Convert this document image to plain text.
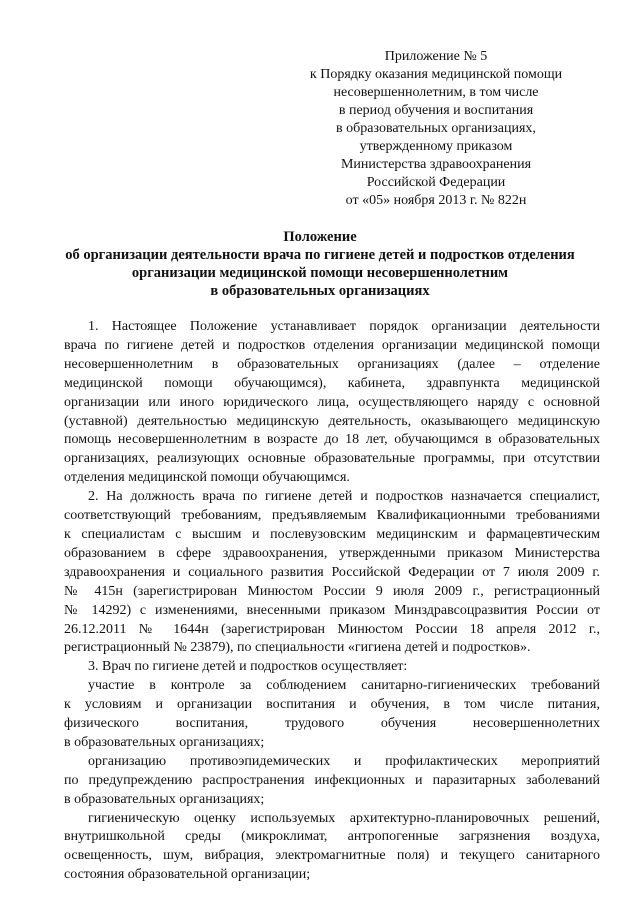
Приложение № 5
к Порядку оказания медицинской помощи
несовершеннолетним, в том числе
в период обучения и воспитания
в образовательных организациях,
утвержденному приказом
Министерства здравоохранения
Российской Федерации
от «05» ноября 2013 г. № 822н
Положение
об организации деятельности врача по гигиене детей и подростков отделения
организации медицинской помощи несовершеннолетним
в образовательных организациях
1. Настоящее Положение устанавливает порядок организации деятельности
врача по гигиене детей и подростков отделения организации медицинской помощи
несовершеннолетним в образовательных организациях (далее – отделение
медицинской помощи обучающимся), кабинета, здравпункта медицинской
организации или иного юридического лица, осуществляющего наряду с основной
(уставной) деятельностью медицинскую деятельность, оказывающего медицинскую
помощь несовершеннолетним в возрасте до 18 лет, обучающимся в образовательных
организациях, реализующих основные образовательные программы, при отсутствии
отделения медицинской помощи обучающимся.
2. На должность врача по гигиене детей и подростков назначается специалист,
соответствующий требованиям, предъявляемым Квалификационными требованиями
к специалистам с высшим и послевузовским медицинским и фармацевтическим
образованием в сфере здравоохранения, утвержденными приказом Министерства
здравоохранения и социального развития Российской Федерации от 7 июля 2009 г.
№ 415н (зарегистрирован Минюстом России 9 июля 2009 г., регистрационный
№ 14292) с изменениями, внесенными приказом Минздравсоцразвития России от
26.12.2011 № 1644н (зарегистрирован Минюстом России 18 апреля 2012 г.,
регистрационный № 23879), по специальности «гигиена детей и подростков».
3. Врач по гигиене детей и подростков осуществляет:
участие в контроле за соблюдением санитарно-гигиенических требований
к условиям и организации воспитания и обучения, в том числе питания,
физического воспитания, трудового обучения несовершеннолетних
в образовательных организациях;
организацию противоэпидемических и профилактических мероприятий
по предупреждению распространения инфекционных и паразитарных заболеваний
в образовательных организациях;
гигиеническую оценку используемых архитектурно-планировочных решений,
внутришкольной среды (микроклимат, антропогенные загрязнения воздуха,
освещенность, шум, вибрация, электромагнитные поля) и текущего санитарного
состояния образовательной организации;
